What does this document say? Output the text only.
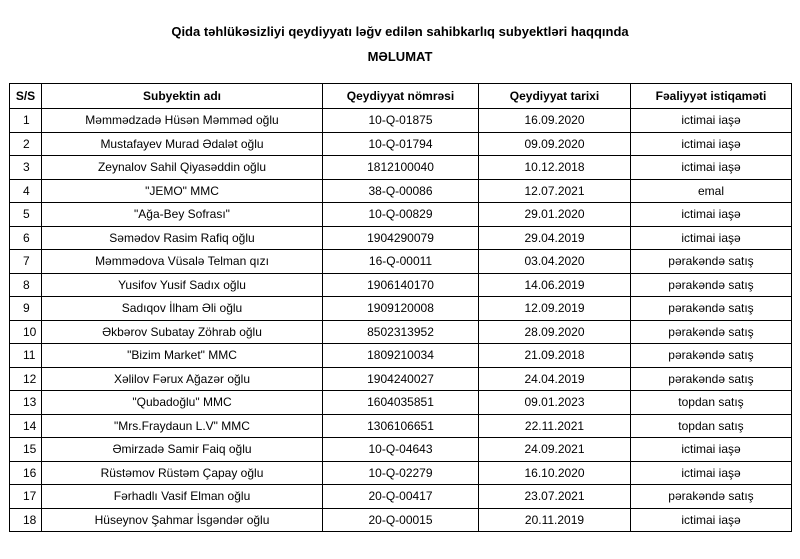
Qida təhlükəsizliyi qeydiyyatı ləğv edilən sahibkarlıq subyektləri haqqında
MƏLUMAT
S/S	Subyektin adı	Qeydiyyat nömrəsi	Qeydiyyat tarixi	Fəaliyyət istiqaməti
1	Məmmədzadə Hüsən Məmməd oğlu	10-Q-01875	16.09.2020	ictimai iaşə
2	Mustafayev Murad Ədalət oğlu	10-Q-01794	09.09.2020	ictimai iaşə
3	Zeynalov Sahil Qiyasəddin oğlu	1812100040	10.12.2018	ictimai iaşə
4	"JEMO" MMC	38-Q-00086	12.07.2021	emal
5	"Ağa-Bey Sofrası"	10-Q-00829	29.01.2020	ictimai iaşə
6	Səmədov Rasim Rafiq oğlu	1904290079	29.04.2019	ictimai iaşə
7	Məmmədova Vüsalə Telman qızı	16-Q-00011	03.04.2020	pərakəndə satış
8	Yusifov Yusif Sadıx oğlu	1906140170	14.06.2019	pərakəndə satış
9	Sadıqov İlham Əli oğlu	1909120008	12.09.2019	pərakəndə satış
10	Əkbərov Subatay Zöhrab oğlu	8502313952	28.09.2020	pərakəndə satış
11	"Bizim Market" MMC	1809210034	21.09.2018	pərakəndə satış
12	Xəlilov Fərux Ağazər oğlu	1904240027	24.04.2019	pərakəndə satış
13	"Qubadoğlu" MMC	1604035851	09.01.2023	topdan satış
14	"Mrs.Fraydaun L.V" MMC	1306106651	22.11.2021	topdan satış
15	Əmirzadə Samir Faiq oğlu	10-Q-04643	24.09.2021	ictimai iaşə
16	Rüstəmov Rüstəm Çapay oğlu	10-Q-02279	16.10.2020	ictimai iaşə
17	Fərhadlı Vasif Elman oğlu	20-Q-00417	23.07.2021	pərakəndə satış
18	Hüseynov Şahmar İsgəndər oğlu	20-Q-00015	20.11.2019	ictimai iaşə
